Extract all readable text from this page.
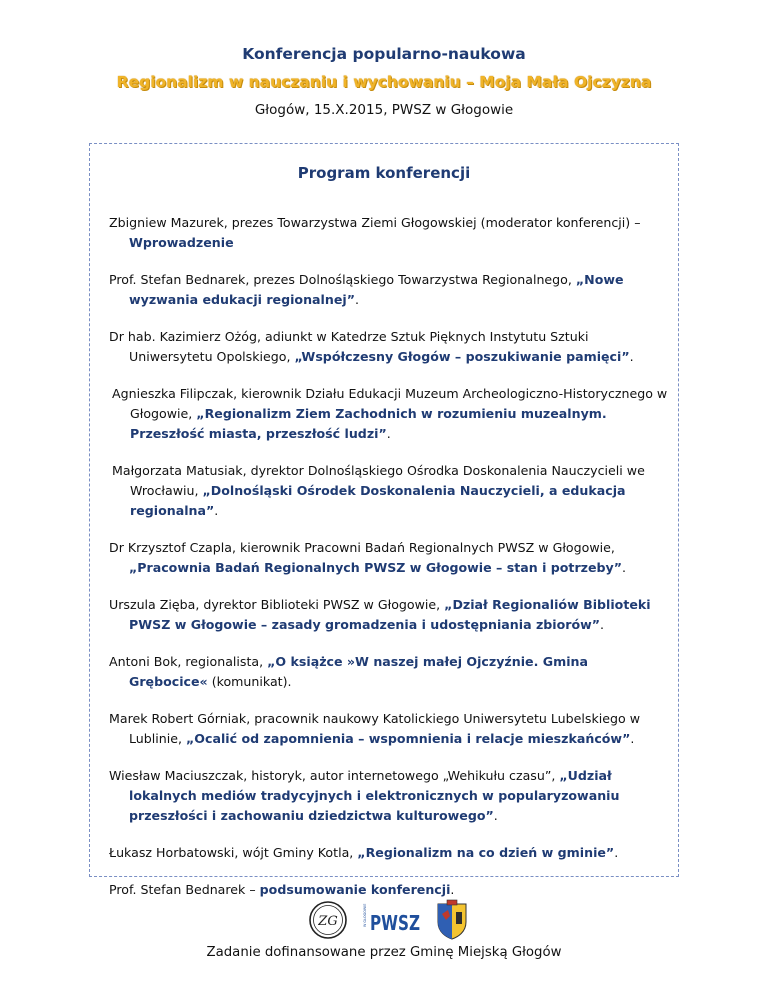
Konferencja popularno-naukowa
Regionalizm w nauczaniu i wychowaniu – Moja Mała Ojczyzna
Głogów, 15.X.2015, PWSZ w Głogowie
Program konferencji

Zbigniew Mazurek, prezes Towarzystwa Ziemi Głogowskiej (moderator konferencji) – Wprowadzenie

Prof. Stefan Bednarek, prezes Dolnośląskiego Towarzystwa Regionalnego, „Nowe wyzwania edukacji regionalnej”.

Dr hab. Kazimierz Ożóg, adiunkt w Katedrze Sztuk Pięknych Instytutu Sztuki Uniwersytetu Opolskiego, „Współczesny Głogów – poszukiwanie pamięci”.

Agnieszka Filipczak, kierownik Działu Edukacji Muzeum Archeologiczno-Historycznego w Głogowie, „Regionalizm Ziem Zachodnich w rozumieniu muzealnym. Przeszłość miasta, przeszłość ludzi”.

Małgorzata Matusiak, dyrektor Dolnośląskiego Ośrodka Doskonalenia Nauczycieli we Wrocławiu, „Dolnośląski Ośrodek Doskonalenia Nauczycieli, a edukacja regionalna”.

Dr Krzysztof Czapla, kierownik Pracowni Badań Regionalnych PWSZ w Głogowie, „Pracownia Badań Regionalnych PWSZ w Głogowie – stan i potrzeby”.

Urszula Zięba, dyrektor Biblioteki PWSZ w Głogowie, „Dział Regionaliów Biblioteki PWSZ w Głogowie – zasady gromadzenia i udostępniania zbiorów”.

Antoni Bok, regionalista, „O książce »W naszej małej Ojczyźnie. Gmina Grębocice« (komunikat).

Marek Robert Górniak, pracownik naukowy Katolickiego Uniwersytetu Lubelskiego w Lublinie, „Ocalić od zapomnienia – wspomnienia i relacje mieszkańców”.

Wiesław Maciuszczak, historyk, autor internetowego „Wehikułu czasu”, „Udział lokalnych mediów tradycyjnych i elektronicznych w popularyzowaniu przeszłości i zachowaniu dziedzictwa kulturowego”.

Łukasz Horbatowski, wójt Gminy Kotla, „Regionalizm na co dzień w gminie”.

Prof. Stefan Bednarek – podsumowanie konferencji.

ZG	W GŁOGOWIE PWSZ
Zadanie dofinansowane przez Gminę Miejską Głogów
